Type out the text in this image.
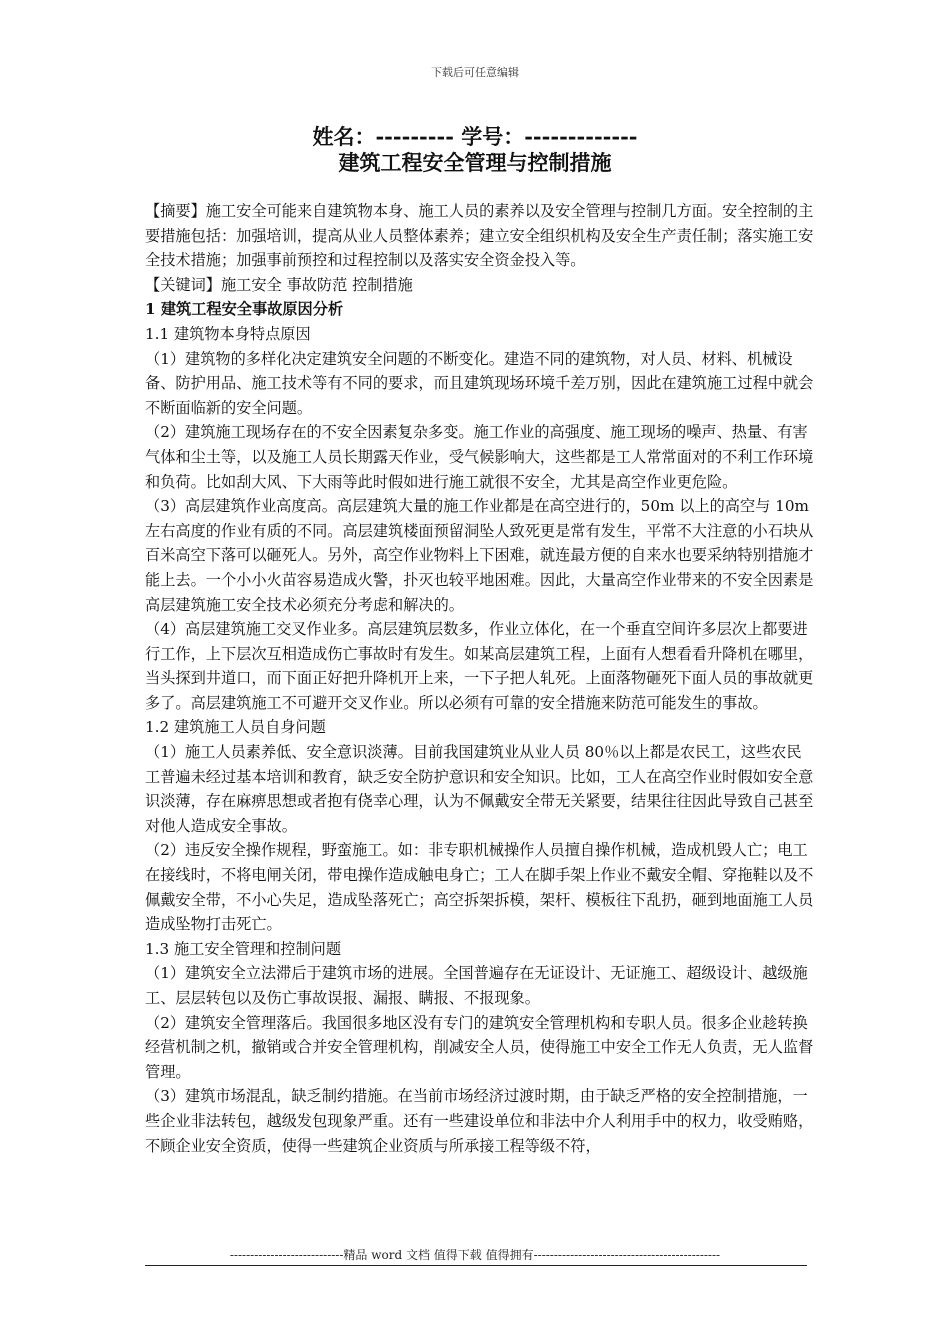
下载后可任意编辑
姓名：--------- 学号：-------------
建筑工程安全管理与控制措施

【摘要】施工安全可能来自建筑物本身、施工人员的素养以及安全管理与控制几方面。安全控制的主要措施包括：加强培训，提高从业人员整体素养；建立安全组织机构及安全生产责任制；落实施工安全技术措施；加强事前预控和过程控制以及落实安全资金投入等。

【关键词】施工安全 事故防范 控制措施

1 建筑工程安全事故原因分析

1.1 建筑物本身特点原因

（1）建筑物的多样化决定建筑安全问题的不断变化。建造不同的建筑物，对人员、材料、机械设备、防护用品、施工技术等有不同的要求，而且建筑现场环境千差万别，因此在建筑施工过程中就会不断面临新的安全问题。

（2）建筑施工现场存在的不安全因素复杂多变。施工作业的高强度、施工现场的噪声、热量、有害气体和尘土等，以及施工人员长期露天作业，受气候影响大，这些都是工人常常面对的不利工作环境和负荷。比如刮大风、下大雨等此时假如进行施工就很不安全，尤其是高空作业更危险。

（3）高层建筑作业高度高。高层建筑大量的施工作业都是在高空进行的，50m 以上的高空与 10m 左右高度的作业有质的不同。高层建筑楼面预留洞坠人致死更是常有发生，平常不大注意的小石块从百米高空下落可以砸死人。另外，高空作业物料上下困难，就连最方便的自来水也要采纳特别措施才能上去。一个小小火苗容易造成火警，扑灭也较平地困难。因此，大量高空作业带来的不安全因素是高层建筑施工安全技术必须充分考虑和解决的。

（4）高层建筑施工交叉作业多。高层建筑层数多，作业立体化，在一个垂直空间许多层次上都要进行工作，上下层次互相造成伤亡事故时有发生。如某高层建筑工程，上面有人想看看升降机在哪里，当头探到井道口，而下面正好把升降机开上来，一下子把人轧死。上面落物砸死下面人员的事故就更多了。高层建筑施工不可避开交叉作业。所以必须有可靠的安全措施来防范可能发生的事故。

1.2 建筑施工人员自身问题

（1）施工人员素养低、安全意识淡薄。目前我国建筑业从业人员 80％以上都是农民工，这些农民工普遍未经过基本培训和教育，缺乏安全防护意识和安全知识。比如，工人在高空作业时假如安全意识淡薄，存在麻痹思想或者抱有侥幸心理，认为不佩戴安全带无关紧要，结果往往因此导致自己甚至对他人造成安全事故。

（2）违反安全操作规程，野蛮施工。如：非专职机械操作人员擅自操作机械，造成机毁人亡；电工在接线时，不将电闸关闭，带电操作造成触电身亡；工人在脚手架上作业不戴安全帽、穿拖鞋以及不佩戴安全带，不小心失足，造成坠落死亡；高空拆架拆模，架杆、模板往下乱扔，砸到地面施工人员造成坠物打击死亡。

1.3 施工安全管理和控制问题

（1）建筑安全立法滞后于建筑市场的进展。全国普遍存在无证设计、无证施工、超级设计、越级施工、层层转包以及伤亡事故误报、漏报、瞒报、不报现象。

（2）建筑安全管理落后。我国很多地区没有专门的建筑安全管理机构和专职人员。很多企业趁转换经营机制之机，撤销或合并安全管理机构，削减安全人员，使得施工中安全工作无人负责，无人监督管理。

（3）建筑市场混乱，缺乏制约措施。在当前市场经济过渡时期，由于缺乏严格的安全控制措施，一些企业非法转包，越级发包现象严重。还有一些建设单位和非法中介人利用手中的权力，收受贿赂，不顾企业安全资质，使得一些建筑企业资质与所承接工程等级不符，

----------------------------精品 word 文档 值得下载 值得拥有----------------------------------------------
